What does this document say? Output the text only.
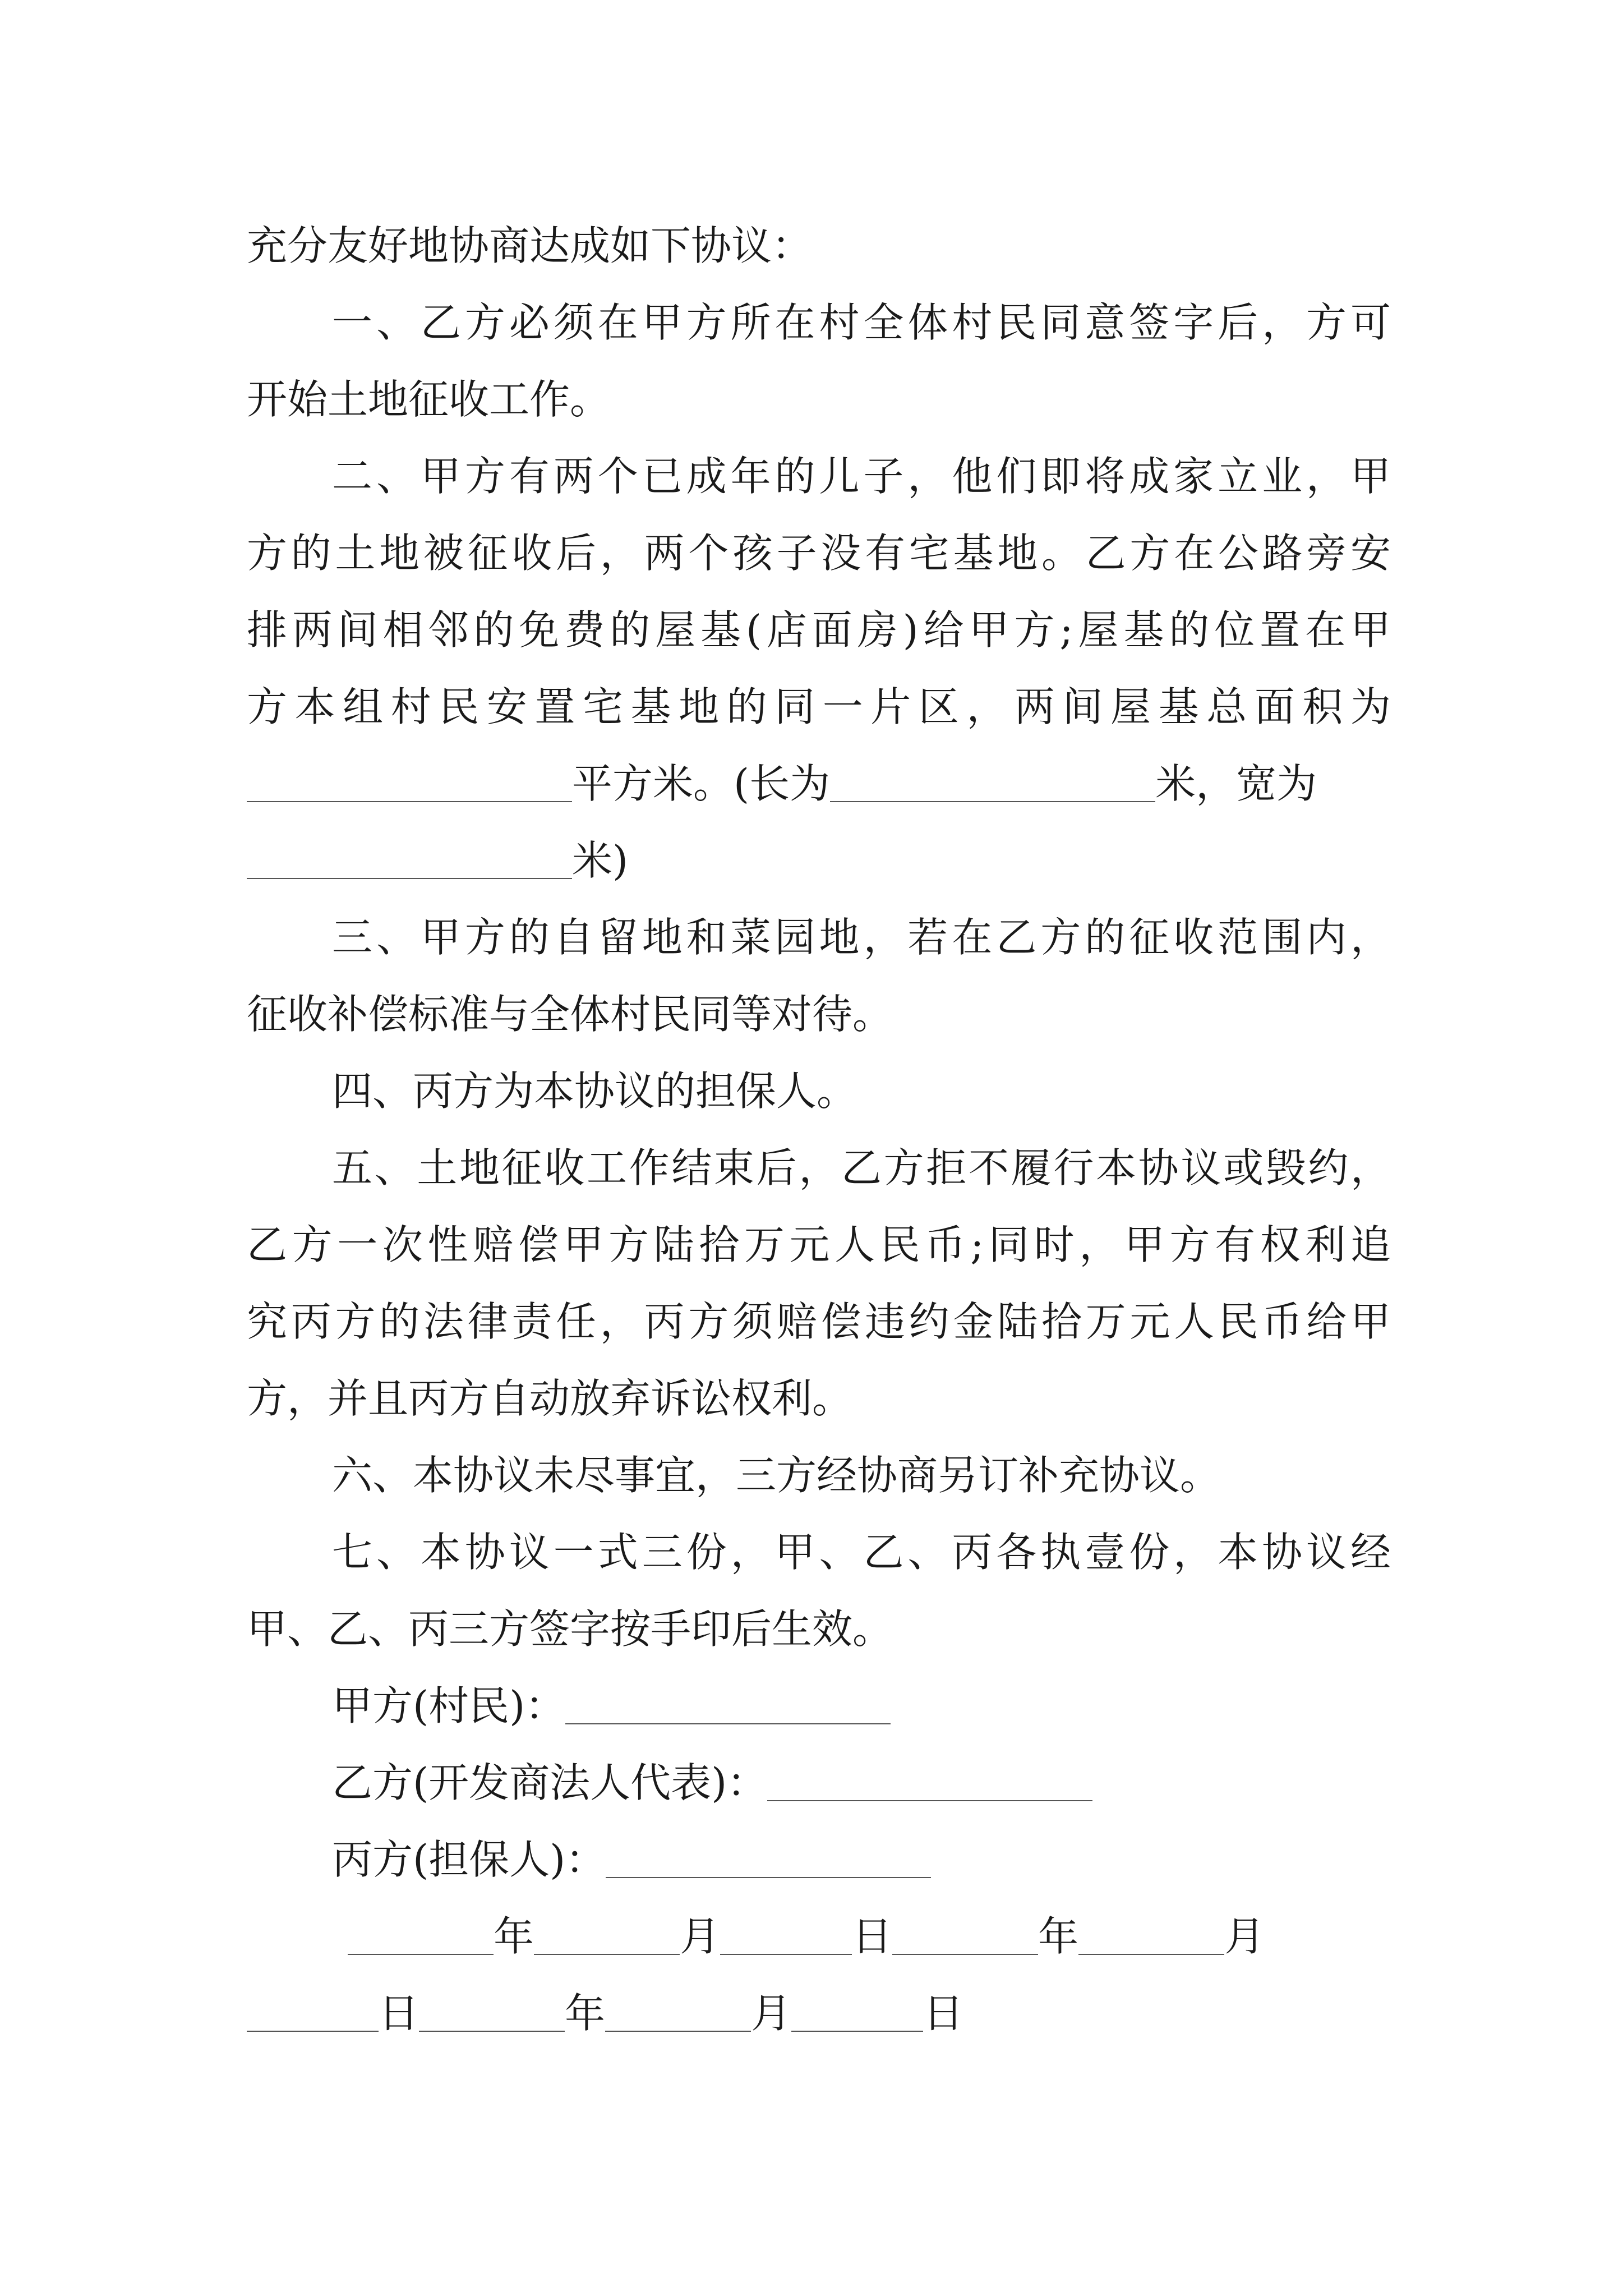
充分友好地协商达成如下协议：
一、乙方必须在甲方所在村全体村民同意签字后，方可
开始土地征收工作。
二、甲方有两个已成年的儿子，他们即将成家立业，甲
方的土地被征收后，两个孩子没有宅基地。乙方在公路旁安
排两间相邻的免费的屋基(店面房)给甲方;屋基的位置在甲
方本组村民安置宅基地的同一片区，两间屋基总面积为
平方米。(长为	米，宽为
米)
三、甲方的自留地和菜园地，若在乙方的征收范围内，
征收补偿标准与全体村民同等对待。
四、丙方为本协议的担保人。
五、土地征收工作结束后，乙方拒不履行本协议或毁约，
乙方一次性赔偿甲方陆拾万元人民币;同时，甲方有权利追
究丙方的法律责任，丙方须赔偿违约金陆拾万元人民币给甲
方，并且丙方自动放弃诉讼权利。
六、本协议未尽事宜，三方经协商另订补充协议。
七、本协议一式三份，甲、乙、丙各执壹份，本协议经
甲、乙、丙三方签字按手印后生效。
甲方(村民)：
乙方(开发商法人代表)：
丙方(担保人)：
年	月	日	年	月
日	年	月	日
